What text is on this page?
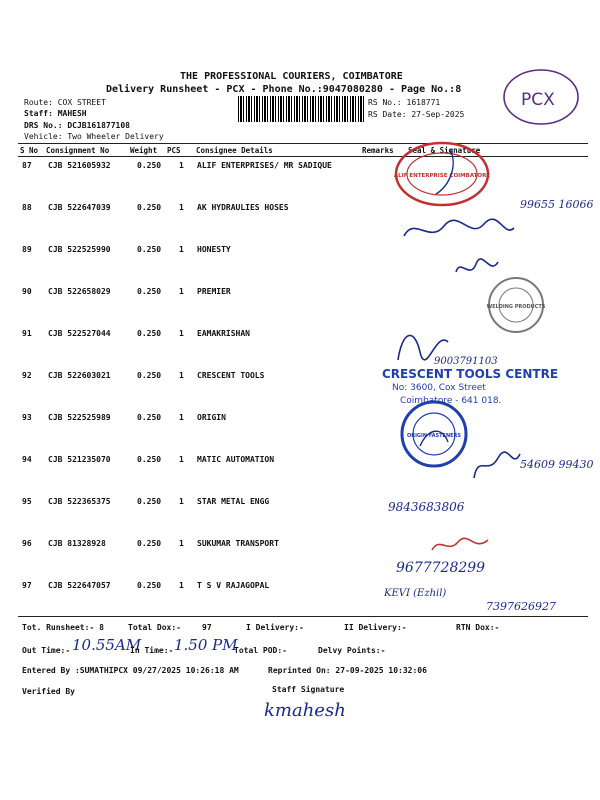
THE PROFESSIONAL COURIERS, COIMBATORE
Delivery Runsheet - PCX - Phone No.:9047080280 - Page No.:8
Route: COX STREET
Staff: MAHESH
DRS No.: DCJB161877108
Vehicle: Two Wheeler Delivery
RS No.: 1618771
RS Date: 27-Sep-2025
PCX
S No Consignment No	Weight PCS Consignee Details	Remarks Seal & Signature
87 CJB 521605932	0.250 1 ALIF ENTERPRISES/ MR SADIQUE
88 CJB 522647039	0.250 1 AK HYDRAULIES HOSES
89 CJB 522525990	0.250 1 HONESTY
90 CJB 522658029	0.250 1 PREMIER
91 CJB 522527044	0.250 1 EAMAKRISHAN
92 CJB 522603021	0.250 1 CRESCENT TOOLS
93 CJB 522525989	0.250 1 ORIGIN
94 CJB 521235070	0.250 1 MATIC AUTOMATION
95 CJB 522365375	0.250 1 STAR METAL ENGG
96 CJB 81328928	0.250 1 SUKUMAR TRANSPORT
97 CJB 522647057	0.250 1 T S V RAJAGOPAL
ALIF ENTERPRISE COIMBATORE
WELDING PRODUCTS
CRESCENT TOOLS CENTRE
No: 3600, Cox Street
Coimbatore - 641 018.
ORIGIN FASTENERS
99655 16066
9003791103
54609 99430
9843683806
9677728299
KEVI (Ezhil)
7397626927
Tot. Runsheet:- 8	Total Dox:-	97	I Delivery:-	II Delivery:-	RTN Dox:-
Out Time:- 10.55AM
In Time:- 1.50 PM
Total POD:-	Delvy Points:-
Entered By :SUMATHIPCX 09/27/2025 10:26:18 AM	Reprinted On: 27-09-2025 10:32:06
Verified By	Staff Signature
kmahesh
